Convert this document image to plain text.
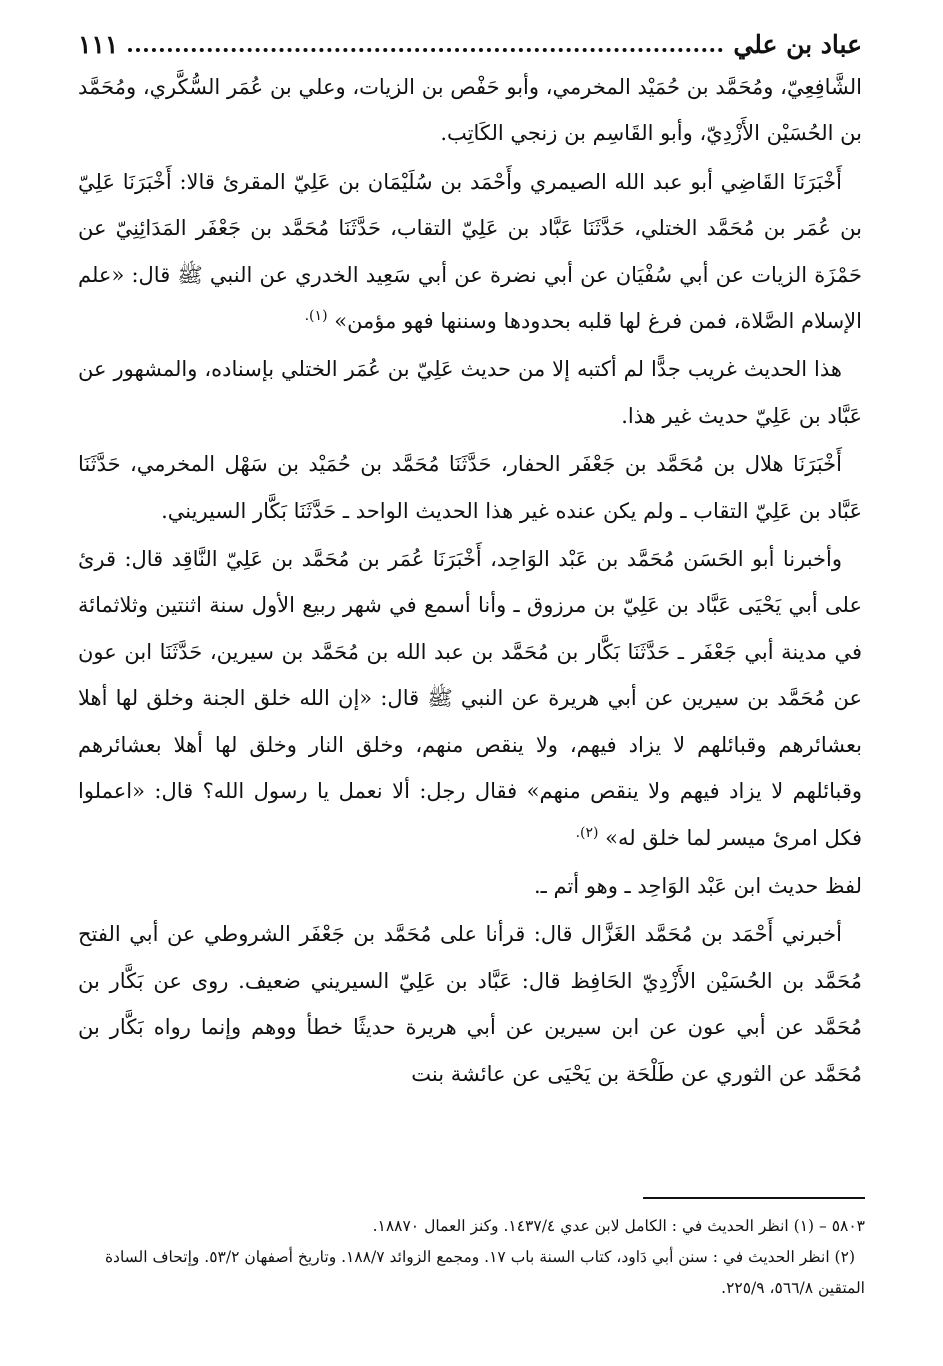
عباد بن علي
١١١

الشَّافِعِيّ، ومُحَمَّد بن حُمَيْد المخرمي، وأبو حَفْص بن الزيات، وعلي بن عُمَر السُّكَّري، ومُحَمَّد بن الحُسَيْن الأَزْدِيّ، وأبو القَاسِم بن زنجي الكَاتِب.

أَخْبَرَنَا القَاضِي أبو عبد الله الصيمري وأَحْمَد بن سُلَيْمَان بن عَلِيّ المقرئ قالا: أَخْبَرَنَا عَلِيّ بن عُمَر بن مُحَمَّد الختلي، حَدَّثَنَا عَبَّاد بن عَلِيّ التقاب، حَدَّثَنَا مُحَمَّد بن جَعْفَر المَدَائِنِيّ عن حَمْزَة الزيات عن أبي سُفْيَان عن أبي نضرة عن أبي سَعِيد الخدري عن النبي ﷺ قال: «علم الإسلام الصَّلاة، فمن فرغ لها قلبه بحدودها وسننها فهو مؤمن» $^{(١).}$

هذا الحديث غريب جدًّا لم أكتبه إلا من حديث عَلِيّ بن عُمَر الختلي بإسناده، والمشهور عن عَبَّاد بن عَلِيّ حديث غير هذا.

أَخْبَرَنَا هلال بن مُحَمَّد بن جَعْفَر الحفار، حَدَّثَنَا مُحَمَّد بن حُمَيْد بن سَهْل المخرمي، حَدَّثَنَا عَبَّاد بن عَلِيّ التقاب ـ ولم يكن عنده غير هذا الحديث الواحد ـ حَدَّثَنَا بَكَّار السيريني.

وأخبرنا أبو الحَسَن مُحَمَّد بن عَبْد الوَاحِد، أَخْبَرَنَا عُمَر بن مُحَمَّد بن عَلِيّ النَّاقِد قال: قرئ على أبي يَحْيَى عَبَّاد بن عَلِيّ بن مرزوق ـ وأنا أسمع في شهر ربيع الأول سنة اثنتين وثلاثمائة في مدينة أبي جَعْفَر ـ حَدَّثَنَا بَكَّار بن مُحَمَّد بن عبد الله بن مُحَمَّد بن سيرين، حَدَّثَنَا ابن عون عن مُحَمَّد بن سيرين عن أبي هريرة عن النبي ﷺ قال: «إن الله خلق الجنة وخلق لها أهلا بعشائرهم وقبائلهم لا يزاد فيهم، ولا ينقص منهم، وخلق النار وخلق لها أهلا بعشائرهم وقبائلهم لا يزاد فيهم ولا ينقص منهم» فقال رجل: ألا نعمل يا رسول الله؟ قال: «اعملوا فكل امرئ ميسر لما خلق له» $^{(٢).}$

لفظ حديث ابن عَبْد الوَاحِد ـ وهو أتم ـ.

أخبرني أَحْمَد بن مُحَمَّد الغَزَّال قال: قرأنا على مُحَمَّد بن جَعْفَر الشروطي عن أبي الفتح مُحَمَّد بن الحُسَيْن الأَزْدِيّ الحَافِظ قال: عَبَّاد بن عَلِيّ السيريني ضعيف. روى عن بَكَّار بن مُحَمَّد عن أبي عون عن ابن سيرين عن أبي هريرة حديثًا خطأ ووهم وإنما رواه بَكَّار بن مُحَمَّد عن الثوري عن طَلْحَة بن يَحْيَى عن عائشة بنت

٥٨٠٣ – (١) انظر الحديث في : الكامل لابن عدي ١٤٣٧/٤. وكنز العمال ١٨٨٧٠.

(٢) انظر الحديث في : سنن أبي دَاود، كتاب السنة باب ١٧. ومجمع الزوائد ١٨٨/٧. وتاريخ أصفهان ٥٣/٢. وإتحاف السادة المتقين ٥٦٦/٨، ٢٢٥/٩.
